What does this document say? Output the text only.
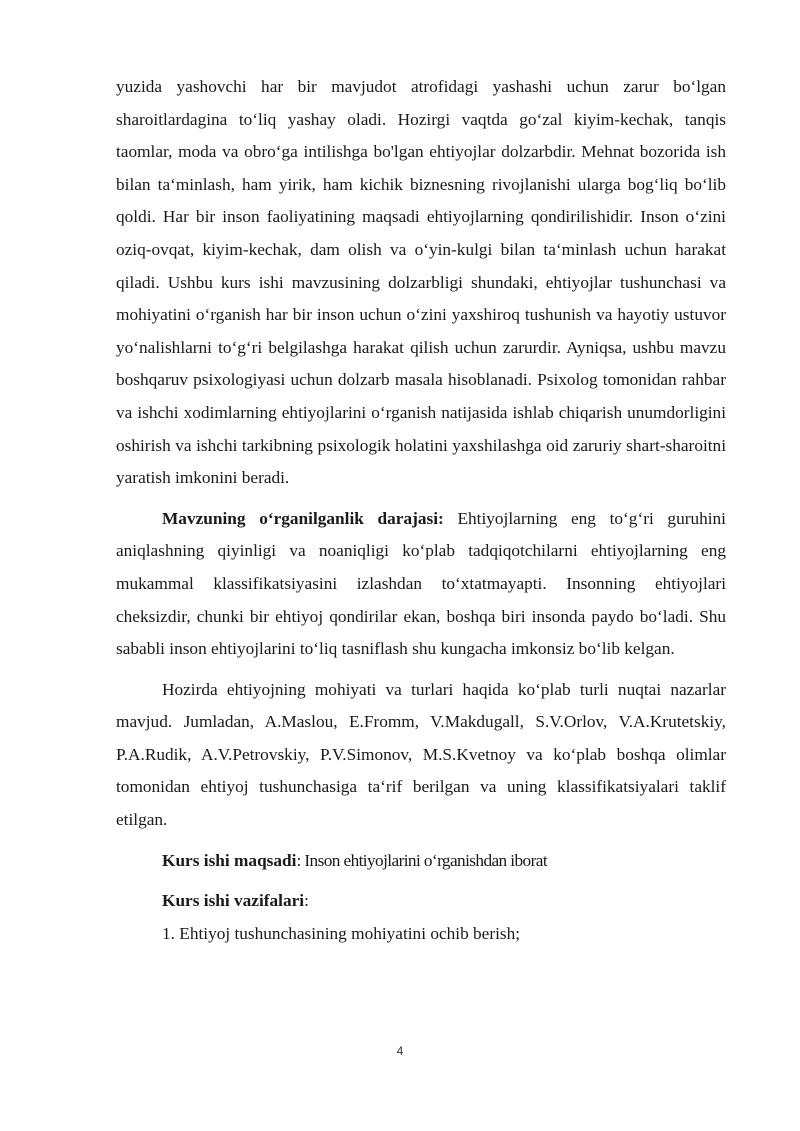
yuzida yashovchi har bir mavjudot atrofidagi yashashi uchun zarur boʻlgan sharoitlardagina toʻliq yashay oladi. Hozirgi vaqtda goʻzal kiyim-kechak, tanqis taomlar, moda va obroʻga intilishga bo'lgan ehtiyojlar dolzarbdir. Mehnat bozorida ish bilan taʻminlash, ham yirik, ham kichik biznesning rivojlanishi ularga bogʻliq boʻlib qoldi. Har bir inson faoliyatining maqsadi ehtiyojlarning qondirilishidir. Inson oʻzini oziq-ovqat, kiyim-kechak, dam olish va oʻyin-kulgi bilan taʻminlash uchun harakat qiladi. Ushbu kurs ishi mavzusining dolzarbligi shundaki, ehtiyojlar tushunchasi va mohiyatini oʻrganish har bir inson uchun oʻzini yaxshiroq tushunish va hayotiy ustuvor yoʻnalishlarni toʻgʻri belgilashga harakat qilish uchun zarurdir. Ayniqsa, ushbu mavzu boshqaruv psixologiyasi uchun dolzarb masala hisoblanadi. Psixolog tomonidan rahbar va ishchi xodimlarning ehtiyojlarini oʻrganish natijasida ishlab chiqarish unumdorligini oshirish va ishchi tarkibning psixologik holatini yaxshilashga oid zaruriy shart-sharoitni yaratish imkonini beradi.

Mavzuning oʻrganilganlik darajasi: Ehtiyojlarning eng toʻgʻri guruhini aniqlashning qiyinligi va noaniqligi koʻplab tadqiqotchilarni ehtiyojlarning eng mukammal klassifikatsiyasini izlashdan toʻxtatmayapti. Insonning ehtiyojlari cheksizdir, chunki bir ehtiyoj qondirilar ekan, boshqa biri insonda paydo boʻladi. Shu sababli inson ehtiyojlarini toʻliq tasniflash shu kungacha imkonsiz boʻlib kelgan.

Hozirda ehtiyojning mohiyati va turlari haqida koʻplab turli nuqtai nazarlar mavjud. Jumladan, A.Maslou, E.Fromm, V.Makdugall, S.V.Orlov, V.A.Krutetskiy, P.A.Rudik, A.V.Petrovskiy, P.V.Simonov, M.S.Kvetnoy va koʻplab boshqa olimlar tomonidan ehtiyoj tushunchasiga taʻrif berilgan va uning klassifikatsiyalari taklif etilgan.

Kurs ishi maqsadi: Inson ehtiyojlarini oʻrganishdan iborat

Kurs ishi vazifalari:

1. Ehtiyoj tushunchasining mohiyatini ochib berish;

4
